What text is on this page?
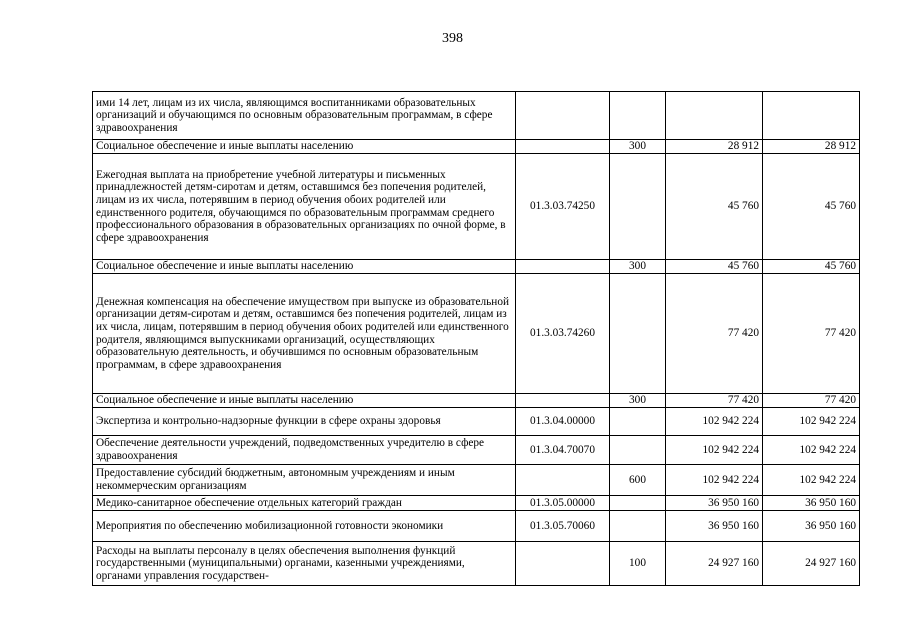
398
ими 14 лет, лицам из их числа, являющимся воспитанниками образовательных организаций и обучающимся по основным образовательным программам, в сфере здравоохранения				
Социальное обеспечение и иные выплаты населению		300	28 912	28 912
Ежегодная выплата на приобретение учебной литературы и письменных принадлежностей детям-сиротам и детям, оставшимся без попечения родителей, лицам из их числа, потерявшим в период обучения обоих родителей или единственного родителя, обучающимся по образовательным программам среднего профессионального образования в образовательных организациях по очной форме, в сфере здравоохранения	01.3.03.74250		45 760	45 760
Социальное обеспечение и иные выплаты населению		300	45 760	45 760
Денежная компенсация на обеспечение имуществом при выпуске из образовательной организации детям-сиротам и детям, оставшимся без попечения родителей, лицам из их числа, лицам, потерявшим в период обучения обоих родителей или единственного родителя, являющимся выпускниками организаций, осуществляющих образовательную деятельность, и обучившимся по основным образовательным программам, в сфере здравоохранения	01.3.03.74260		77 420	77 420
Социальное обеспечение и иные выплаты населению		300	77 420	77 420
Экспертиза и контрольно-надзорные функции в сфере охраны здоровья	01.3.04.00000		102 942 224	102 942 224
Обеспечение деятельности учреждений, подведомственных учредителю в сфере здравоохранения	01.3.04.70070		102 942 224	102 942 224
Предоставление субсидий бюджетным, автономным учреждениям и иным некоммерческим организациям		600	102 942 224	102 942 224
Медико-санитарное обеспечение отдельных категорий граждан	01.3.05.00000		36 950 160	36 950 160
Мероприятия по обеспечению мобилизационной готовности экономики	01.3.05.70060		36 950 160	36 950 160
Расходы на выплаты персоналу в целях обеспечения выполнения функций государственными (муниципальными) органами, казенными учреждениями, органами управления государствен-		100	24 927 160	24 927 160
